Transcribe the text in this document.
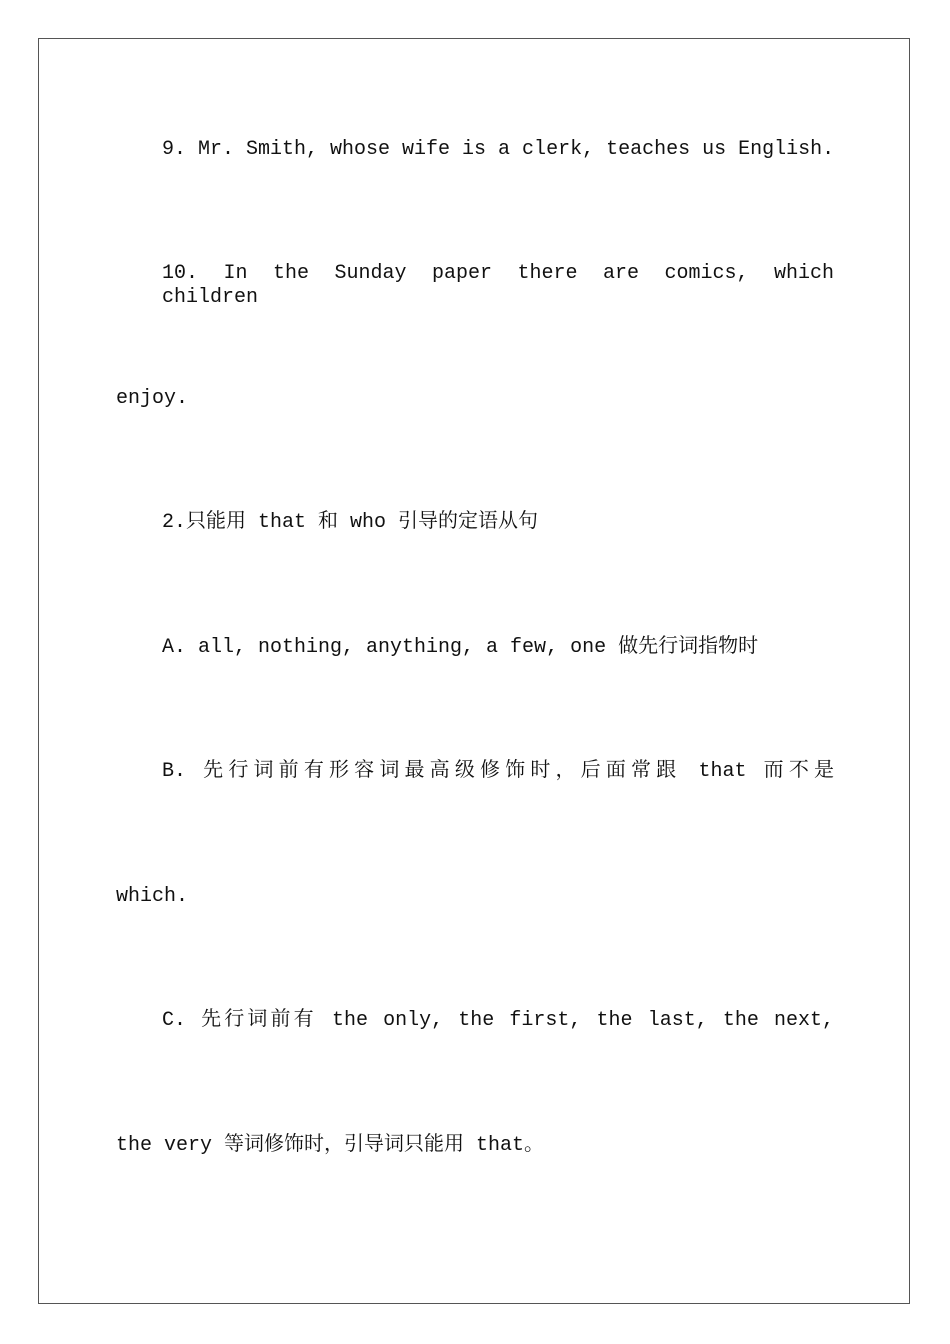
9. Mr. Smith, whose wife is a clerk, teaches us English.

10. In the Sunday paper there are comics, which children

enjoy.

2.只能用 that 和 who 引导的定语从句

A. all, nothing, anything, a few, one 做先行词指物时

B. 先行词前有形容词最高级修饰时，后面常跟 that 而不是

which.

C. 先行词前有 the only, the first, the last, the next,

the very 等词修饰时，引导词只能用 that。
